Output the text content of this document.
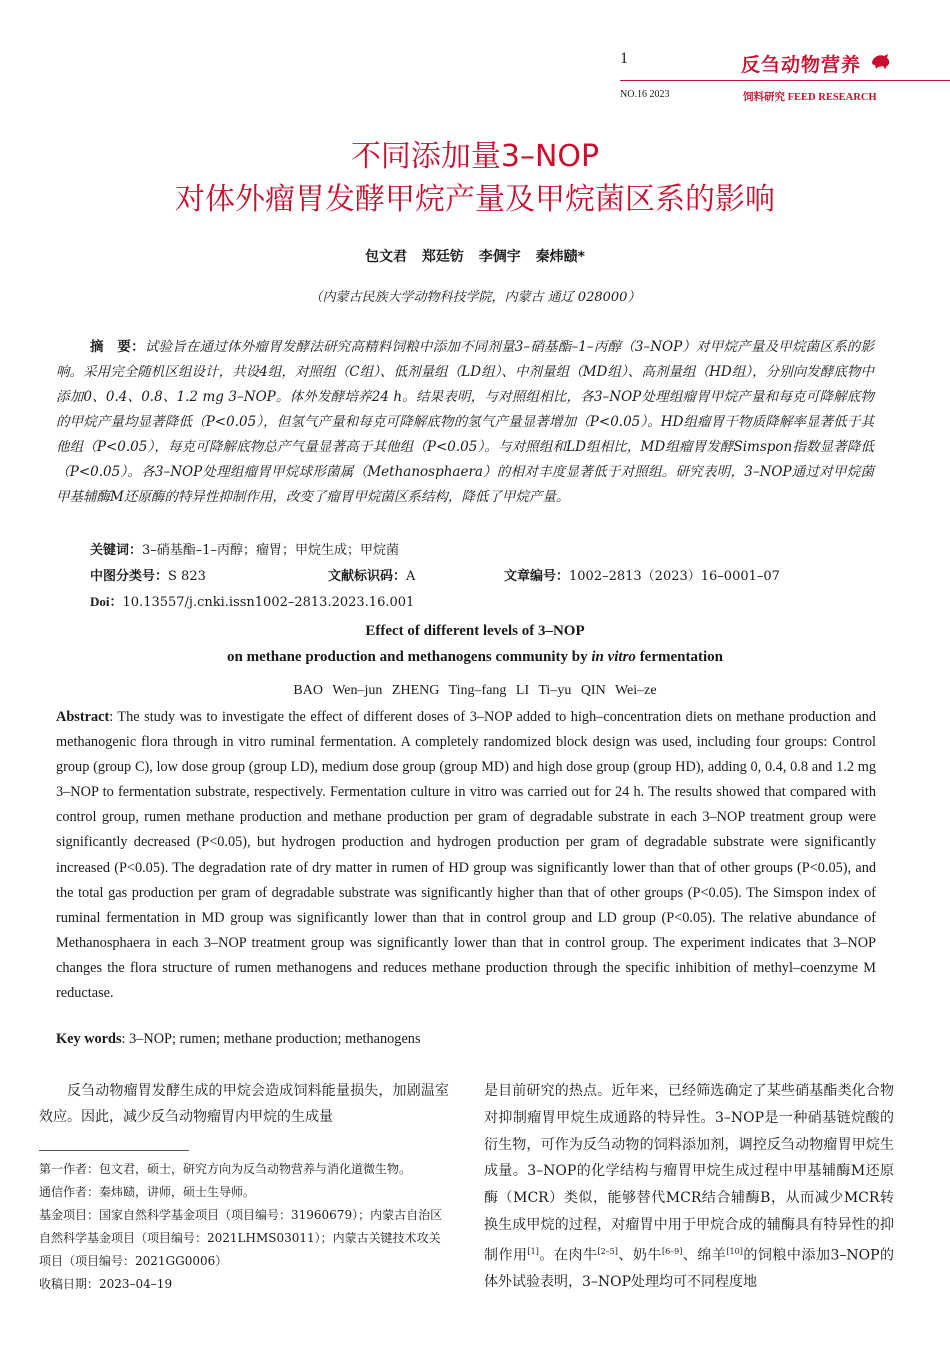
1	反刍动物营养
NO.16 2023	饲料研究 FEED RESEARCH
不同添加量3–NOP
对体外瘤胃发酵甲烷产量及甲烷菌区系的影响
包文君 郑廷钫 李倜宇 秦炜赜*
（内蒙古民族大学动物科技学院，内蒙古 通辽 028000）
摘　要：试验旨在通过体外瘤胃发酵法研究高精料饲粮中添加不同剂量3–硝基酯–1–丙醇（3–NOP）对甲烷产量及甲烷菌区系的影响。采用完全随机区组设计，共设4组，对照组（C组）、低剂量组（LD组）、中剂量组（MD组）、高剂量组（HD组），分别向发酵底物中添加0、0.4、0.8、1.2 mg 3–NOP。体外发酵培养24 h。结果表明，与对照组相比，各3–NOP处理组瘤胃甲烷产量和每克可降解底物的甲烷产量均显著降低（P<0.05），但氢气产量和每克可降解底物的氢气产量显著增加（P<0.05）。HD组瘤胃干物质降解率显著低于其他组（P<0.05），每克可降解底物总产气量显著高于其他组（P<0.05）。与对照组和LD组相比，MD组瘤胃发酵Simspon指数显著降低（P<0.05）。各3–NOP处理组瘤胃甲烷球形菌属（Methanosphaera）的相对丰度显著低于对照组。研究表明，3–NOP通过对甲烷菌甲基辅酶M还原酶的特异性抑制作用，改变了瘤胃甲烷菌区系结构，降低了甲烷产量。
关键词：3–硝基酯–1–丙醇；瘤胃；甲烷生成；甲烷菌
中图分类号：S 823	文献标识码：A	文章编号：1002–2813（2023）16–0001–07
Doi：10.13557/j.cnki.issn1002–2813.2023.16.001
Effect of different levels of 3–NOP
on methane production and methanogens community by in vitro fermentation
BAO Wen–jun ZHENG Ting–fang LI Ti–yu QIN Wei–ze
Abstract: The study was to investigate the effect of different doses of 3–NOP added to high–concentration diets on methane production and methanogenic flora through in vitro ruminal fermentation. A completely randomized block design was used, including four groups: Control group (group C), low dose group (group LD), medium dose group (group MD) and high dose group (group HD), adding 0, 0.4, 0.8 and 1.2 mg 3–NOP to fermentation substrate, respectively. Fermentation culture in vitro was carried out for 24 h. The results showed that compared with control group, rumen methane production and methane production per gram of degradable substrate in each 3–NOP treatment group were significantly decreased (P<0.05), but hydrogen production and hydrogen production per gram of degradable substrate were significantly increased (P<0.05). The degradation rate of dry matter in rumen of HD group was significantly lower than that of other groups (P<0.05), and the total gas production per gram of degradable substrate was significantly higher than that of other groups (P<0.05). The Simspon index of ruminal fermentation in MD group was significantly lower than that in control group and LD group (P<0.05). The relative abundance of Methanosphaera in each 3–NOP treatment group was significantly lower than that in control group. The experiment indicates that 3–NOP changes the flora structure of rumen methanogens and reduces methane production through the specific inhibition of methyl–coenzyme M reductase.
Key words: 3–NOP; rumen; methane production; methanogens

反刍动物瘤胃发酵生成的甲烷会造成饲料能量损失，加剧温室效应。因此，减少反刍动物瘤胃内甲烷的生成量

第一作者：包文君，硕士，研究方向为反刍动物营养与消化道微生物。
通信作者：秦炜赜，讲师，硕士生导师。
基金项目：国家自然科学基金项目（项目编号：31960679）；内蒙古自治区自然科学基金项目（项目编号：2021LHMS03011）；内蒙古关键技术攻关项目（项目编号：2021GG0006）
收稿日期：2023–04–19

是目前研究的热点。近年来，已经筛选确定了某些硝基酯类化合物对抑制瘤胃甲烷生成通路的特异性。3–NOP是一种硝基链烷酸的衍生物，可作为反刍动物的饲料添加剂，调控反刍动物瘤胃甲烷生成量。3–NOP的化学结构与瘤胃甲烷生成过程中甲基辅酶M还原酶（MCR）类似，能够替代MCR结合辅酶B，从而减少MCR转换生成甲烷的过程，对瘤胃中用于甲烷合成的辅酶具有特异性的抑制作用[1]。在肉牛[2–5]、奶牛[6–9]、绵羊[10]的饲粮中添加3–NOP的体外试验表明，3–NOP处理均可不同程度地
